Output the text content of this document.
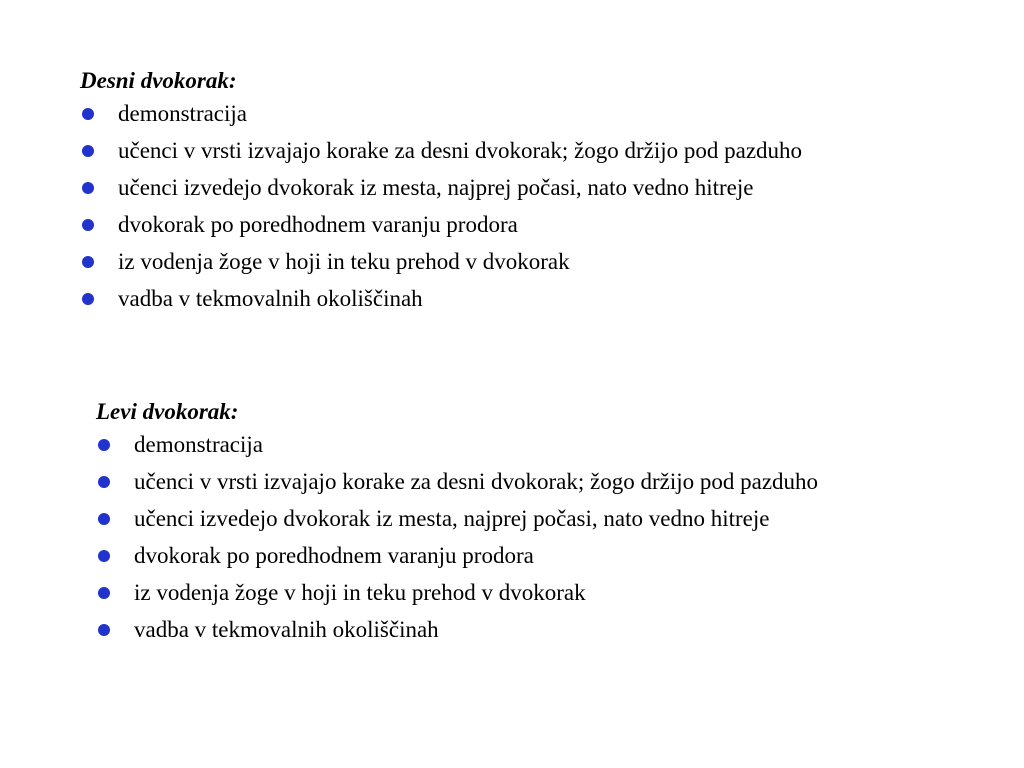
Desni dvokorak:
demonstracija
učenci v vrsti izvajajo korake za desni dvokorak; žogo držijo pod pazduho
učenci izvedejo dvokorak iz mesta, najprej počasi, nato vedno hitreje
dvokorak po poredhodnem varanju prodora
iz vodenja žoge v hoji in teku prehod v dvokorak
vadba v tekmovalnih okoliščinah
Levi dvokorak:
demonstracija
učenci v vrsti izvajajo korake za desni dvokorak; žogo držijo pod pazduho
učenci izvedejo dvokorak iz mesta, najprej počasi, nato vedno hitreje
dvokorak po poredhodnem varanju prodora
iz vodenja žoge v hoji in teku prehod v dvokorak
vadba v tekmovalnih okoliščinah
